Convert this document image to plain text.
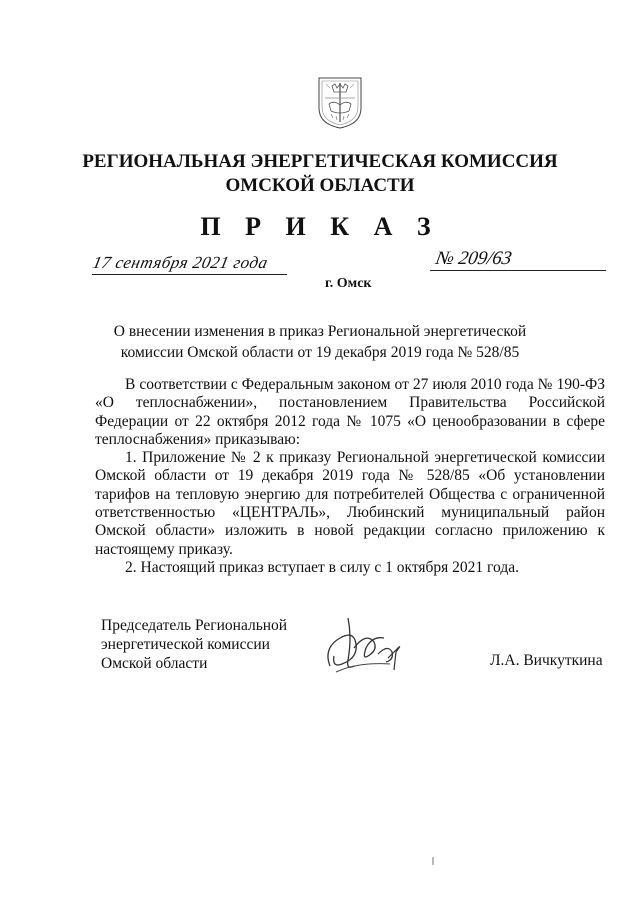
РЕГИОНАЛЬНАЯ ЭНЕРГЕТИЧЕСКАЯ КОМИССИЯ
ОМСКОЙ ОБЛАСТИ
П Р И К А З
17 сентября 2021 года	№ 209/63
г. Омск
О внесении изменения в приказ Региональной энергетической
комиссии Омской области от 19 декабря 2019 года № 528/85

В соответствии с Федеральным законом от 27 июля 2010 года № 190-ФЗ «О теплоснабжении», постановлением Правительства Российской Федерации от 22 октября 2012 года № 1075 «О ценообразовании в сфере теплоснабжения» приказываю:

1. Приложение № 2 к приказу Региональной энергетической комиссии Омской области от 19 декабря 2019 года № 528/85 «Об установлении тарифов на тепловую энергию для потребителей Общества с ограниченной ответственностью «ЦЕНТРАЛЬ», Любинский муниципальный район Омской области» изложить в новой редакции согласно приложению к настоящему приказу.

2. Настоящий приказ вступает в силу с 1 октября 2021 года.

Председатель Региональной
энергетической комиссии
Омской области	Л.А. Вичкуткина
